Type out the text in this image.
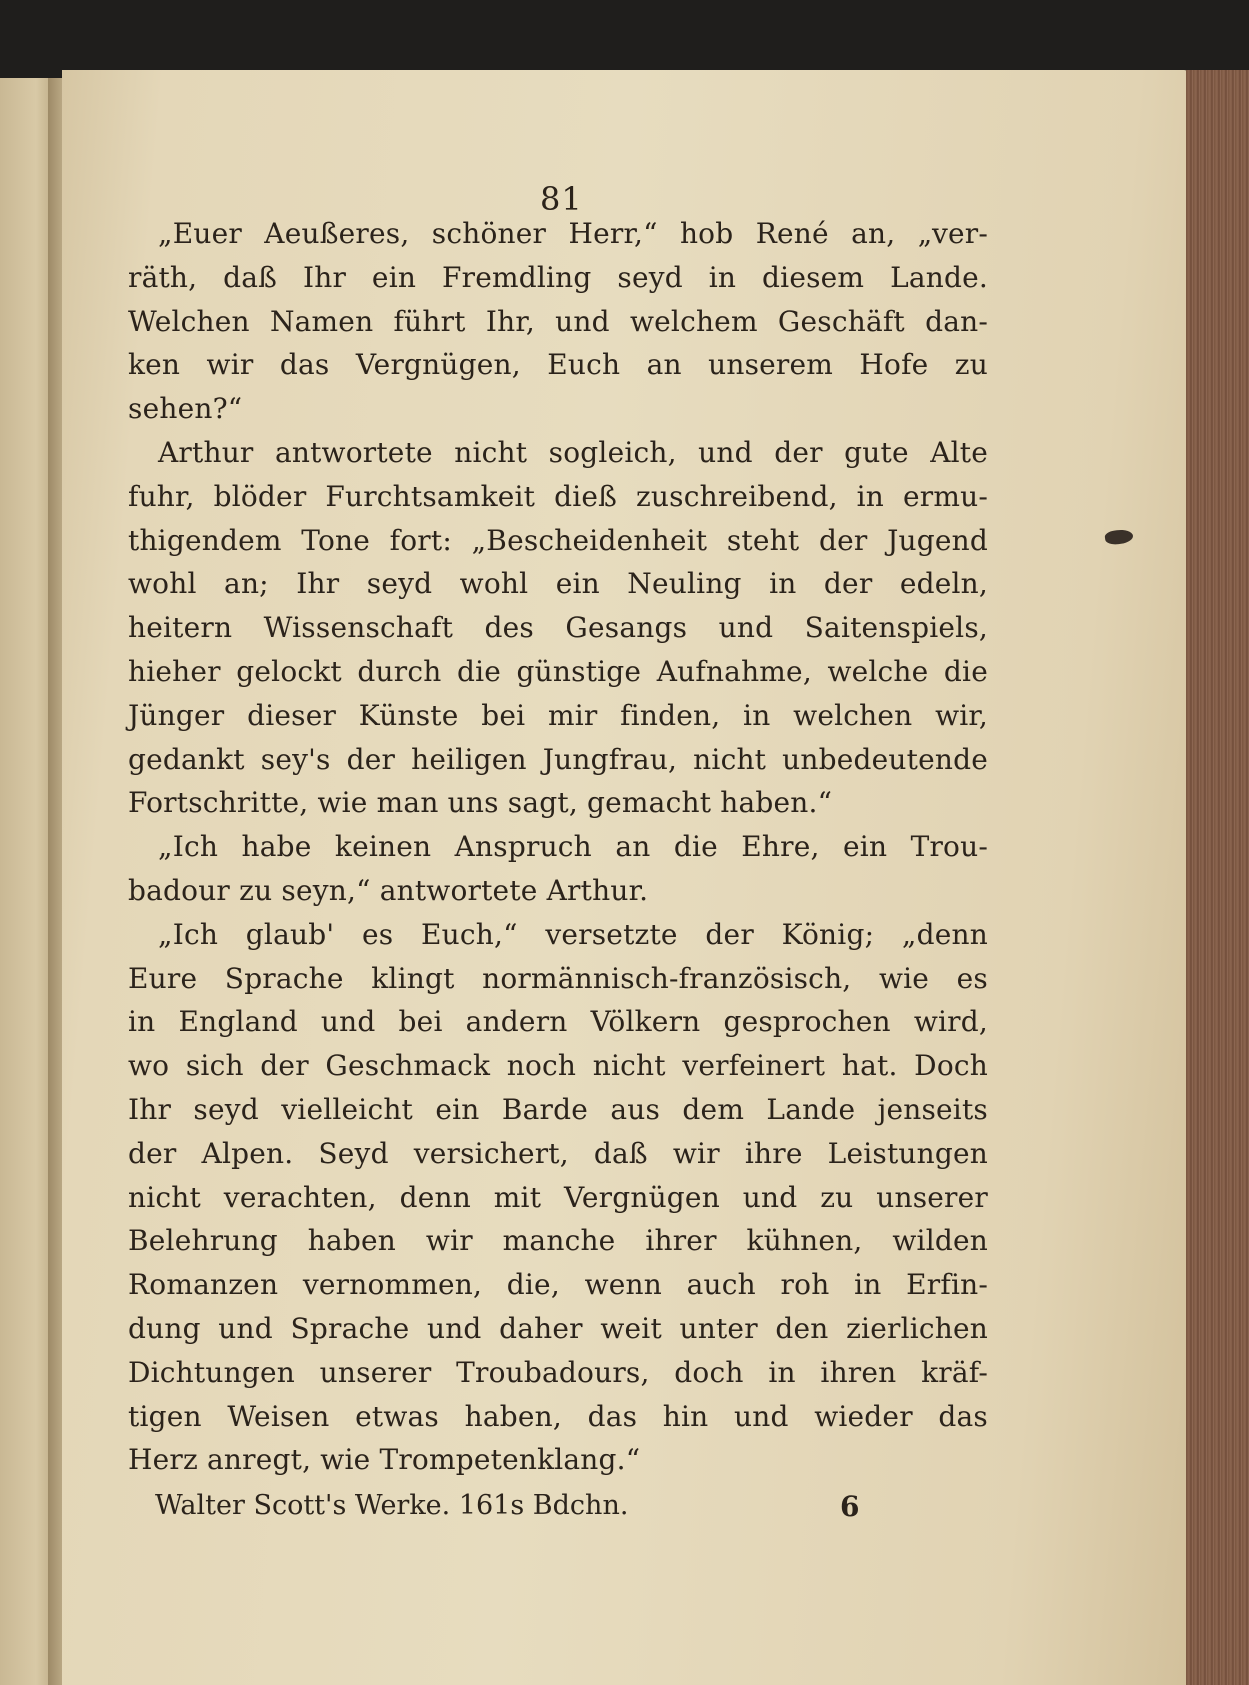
81
„Euer Aeußeres, schöner Herr,“ hob René an, „ver-
räth, daß Ihr ein Fremdling seyd in diesem Lande.
Welchen Namen führt Ihr, und welchem Geschäft dan-
ken wir das Vergnügen, Euch an unserem Hofe zu
sehen?“
Arthur antwortete nicht sogleich, und der gute Alte
fuhr, blöder Furchtsamkeit dieß zuschreibend, in ermu-
thigendem Tone fort: „Bescheidenheit steht der Jugend
wohl an; Ihr seyd wohl ein Neuling in der edeln,
heitern Wissenschaft des Gesangs und Saitenspiels,
hieher gelockt durch die günstige Aufnahme, welche die
Jünger dieser Künste bei mir finden, in welchen wir,
gedankt sey's der heiligen Jungfrau, nicht unbedeutende
Fortschritte, wie man uns sagt, gemacht haben.“
„Ich habe keinen Anspruch an die Ehre, ein Trou-
badour zu seyn,“ antwortete Arthur.
„Ich glaub' es Euch,“ versetzte der König; „denn
Eure Sprache klingt normännisch-französisch, wie es
in England und bei andern Völkern gesprochen wird,
wo sich der Geschmack noch nicht verfeinert hat. Doch
Ihr seyd vielleicht ein Barde aus dem Lande jenseits
der Alpen. Seyd versichert, daß wir ihre Leistungen
nicht verachten, denn mit Vergnügen und zu unserer
Belehrung haben wir manche ihrer kühnen, wilden
Romanzen vernommen, die, wenn auch roh in Erfin-
dung und Sprache und daher weit unter den zierlichen
Dichtungen unserer Troubadours, doch in ihren kräf-
tigen Weisen etwas haben, das hin und wieder das
Herz anregt, wie Trompetenklang.“
Walter Scott's Werke. 161s Bdchn.	6
